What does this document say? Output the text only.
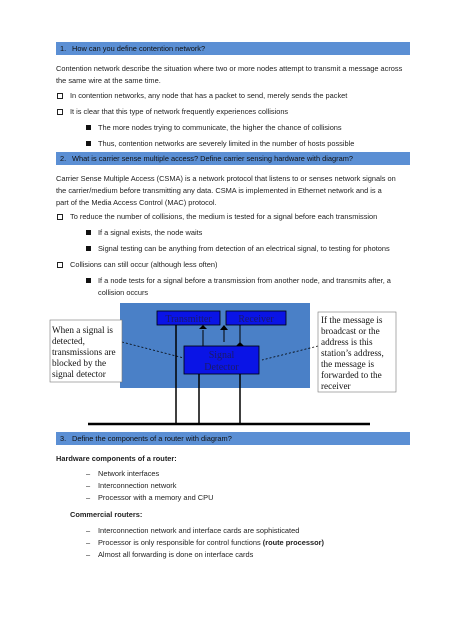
1. How can you define contention network?
Contention network describe the situation where two or more nodes attempt to transmit a message across the same wire at the same time.
In contention networks, any node that has a packet to send, merely sends the packet
It is clear that this type of network frequently experiences collisions
The more nodes trying to communicate, the higher the chance of collisions
Thus, contention networks are severely limited in the number of hosts possible
2. What is carrier sense multiple access? Define carrier sensing hardware with diagram?
Carrier Sense Multiple Access (CSMA) is a network protocol that listens to or senses network signals on
the carrier/medium before transmitting any data. CSMA is implemented in Ethernet network and is a
part of the Media Access Control (MAC) protocol.
To reduce the number of collisions, the medium is tested for a signal before each transmission
If a signal exists, the node waits
Signal testing can be anything from detection of an electrical signal, to testing for photons
Collisions can still occur (although less often)
If a node tests for a signal before a transmission from another node, and transmits after, a
collision occurs
Transmitter	Receiver
Signal
Detector
When a signal is
detected,
transmissions are
blocked by the
signal detector
If the message is
broadcast or the
address is this
station’s address,
the message is
forwarded to the
receiver
3. Define the components of a router with diagram?
Hardware components of a router:
– Network interfaces
– Interconnection network
– Processor with a memory and CPU
Commercial routers:
– Interconnection network and interface cards are sophisticated
– Processor is only responsible for control functions (route processor)
– Almost all forwarding is done on interface cards
